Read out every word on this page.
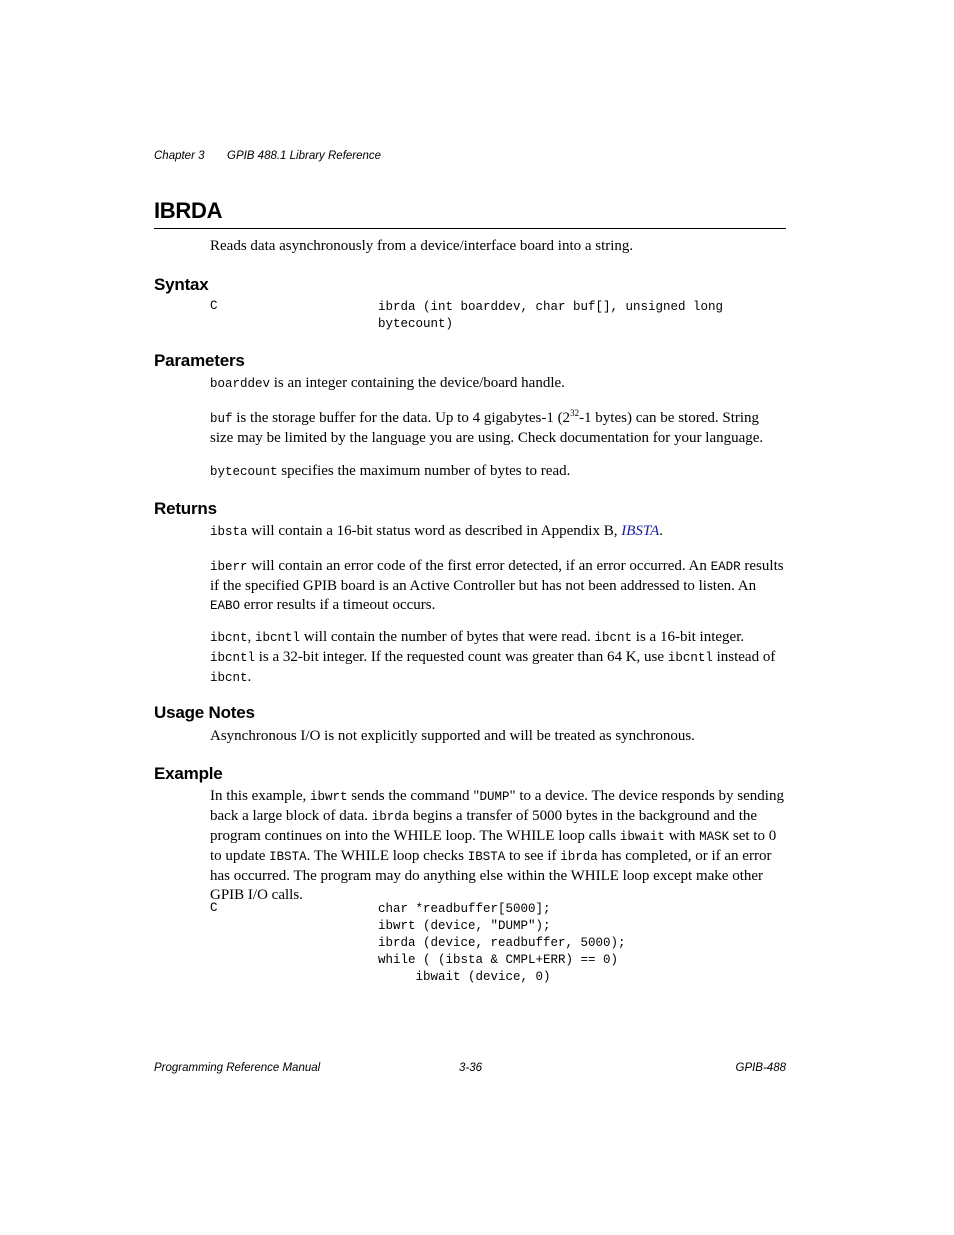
Chapter 3 GPIB 488.1 Library Reference
IBRDA

Reads data asynchronously from a device/interface board into a string.

Syntax
C	ibrda (int boarddev, char buf[], unsigned long
bytecount)
Parameters

boarddev is an integer containing the device/board handle.

buf is the storage buffer for the data. Up to 4 gigabytes-1 ($2^{32}-1$ bytes) can be stored. String size may be limited by the language you are using. Check documentation for your language.

bytecount specifies the maximum number of bytes to read.

Returns

ibsta will contain a 16-bit status word as described in Appendix B, IBSTA.

iberr will contain an error code of the first error detected, if an error occurred. An EADR results if the specified GPIB board is an Active Controller but has not been addressed to listen. An EABO error results if a timeout occurs.

ibcnt, ibcntl will contain the number of bytes that were read. ibcnt is a 16-bit integer. ibcntl is a 32-bit integer. If the requested count was greater than 64 K, use ibcntl instead of ibcnt.

Usage Notes

Asynchronous I/O is not explicitly supported and will be treated as synchronous.

Example

In this example, ibwrt sends the command "DUMP" to a device. The device responds by sending back a large block of data. ibrda begins a transfer of 5000 bytes in the background and the program continues on into the WHILE loop. The WHILE loop calls ibwait with MASK set to 0 to update IBSTA. The WHILE loop checks IBSTA to see if ibrda has completed, or if an error has occurred. The program may do anything else within the WHILE loop except make other GPIB I/O calls.

C	char *readbuffer[5000];
ibwrt (device, "DUMP");
ibrda (device, readbuffer, 5000);
while ( (ibsta & CMPL+ERR) == 0)
ibwait (device, 0)
Programming Reference Manual	3-36	GPIB-488
